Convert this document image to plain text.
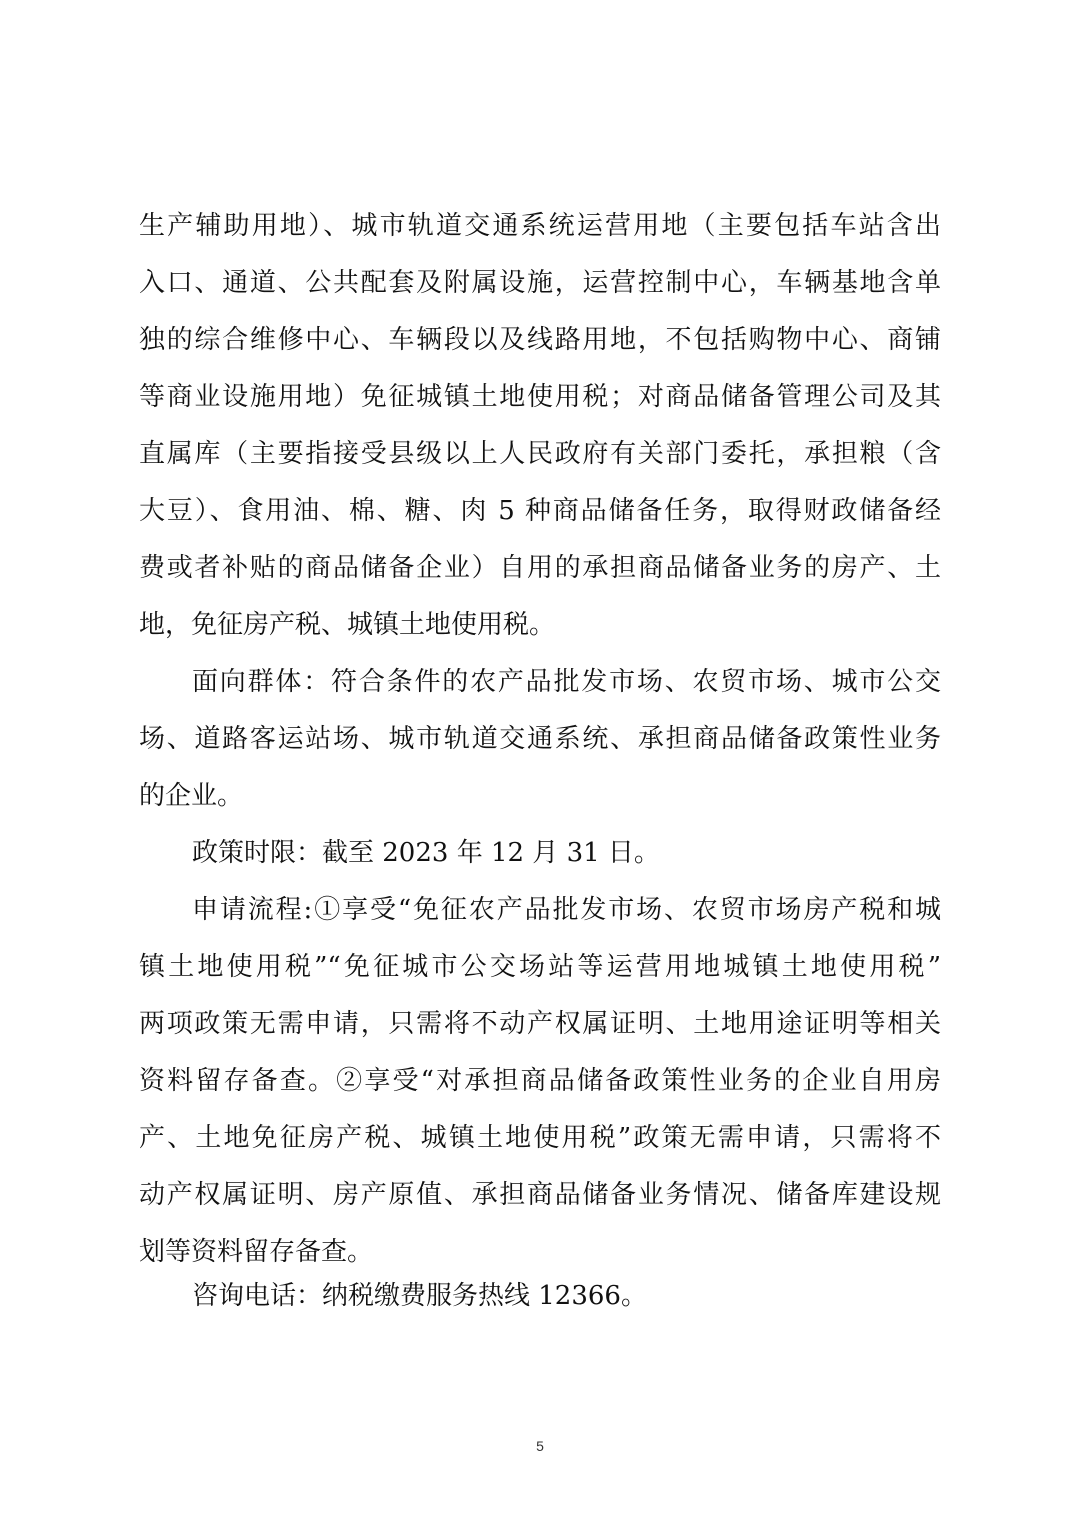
生产辅助用地）、城市轨道交通系统运营用地（主要包括车站含出
入口、通道、公共配套及附属设施，运营控制中心，车辆基地含单
独的综合维修中心、车辆段以及线路用地，不包括购物中心、商铺
等商业设施用地）免征城镇土地使用税；对商品储备管理公司及其
直属库（主要指接受县级以上人民政府有关部门委托，承担粮（含
大豆）、食用油、棉、糖、肉 5 种商品储备任务，取得财政储备经
费或者补贴的商品储备企业）自用的承担商品储备业务的房产、土
地，免征房产税、城镇土地使用税。
面向群体：符合条件的农产品批发市场、农贸市场、城市公交
场、道路客运站场、城市轨道交通系统、承担商品储备政策性业务
的企业。
政策时限：截至 2023 年 12 月 31 日。
申请流程:①享受“免征农产品批发市场、农贸市场房产税和城
镇土地使用税”“免征城市公交场站等运营用地城镇土地使用税”
两项政策无需申请，只需将不动产权属证明、土地用途证明等相关
资料留存备查。②享受“对承担商品储备政策性业务的企业自用房
产、土地免征房产税、城镇土地使用税”政策无需申请，只需将不
动产权属证明、房产原值、承担商品储备业务情况、储备库建设规
划等资料留存备查。
咨询电话：纳税缴费服务热线 12366。
5
